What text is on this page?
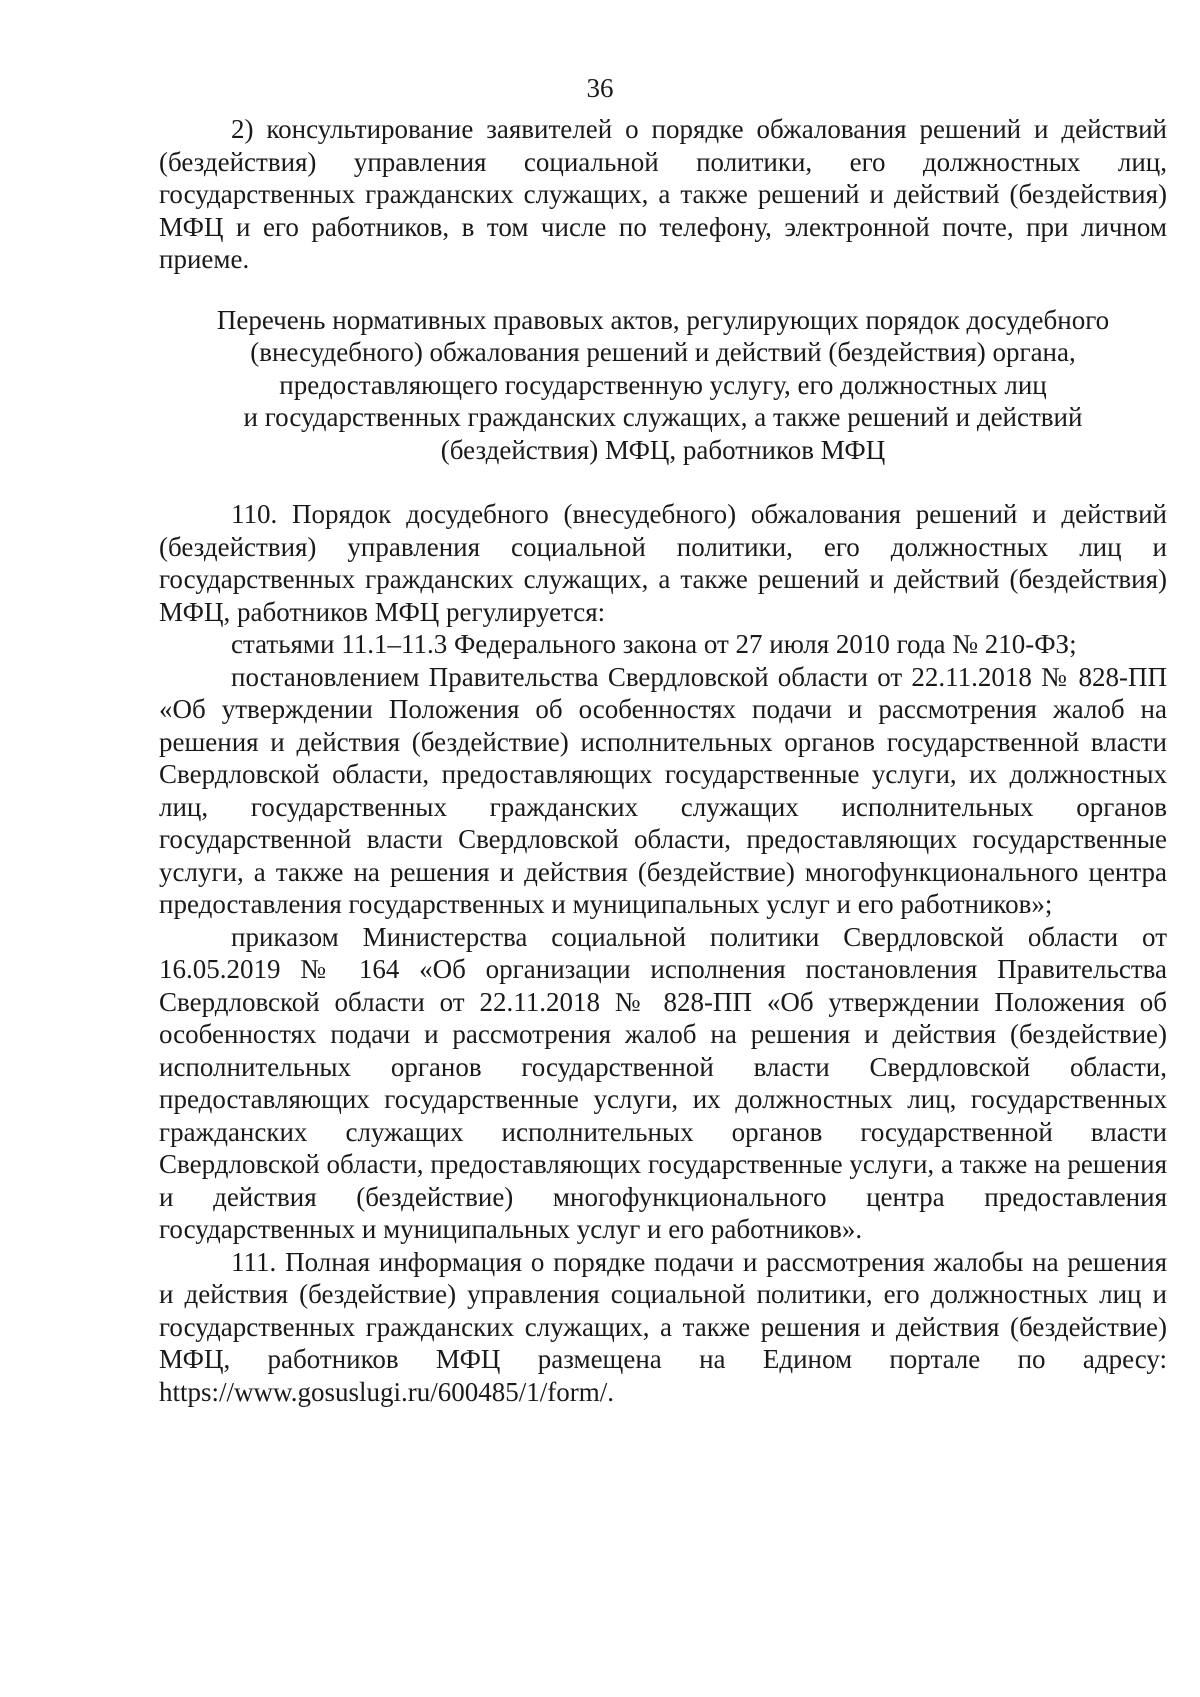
36

2) консультирование заявителей о порядке обжалования решений и действий (бездействия) управления социальной политики, его должностных лиц, государственных гражданских служащих, а также решений и действий (бездействия) МФЦ и его работников, в том числе по телефону, электронной почте, при личном приеме.

Перечень нормативных правовых актов, регулирующих порядок досудебного
(внесудебного) обжалования решений и действий (бездействия) органа,
предоставляющего государственную услугу, его должностных лиц
и государственных гражданских служащих, а также решений и действий
(бездействия) МФЦ, работников МФЦ

110. Порядок досудебного (внесудебного) обжалования решений и действий (бездействия) управления социальной политики, его должностных лиц и государственных гражданских служащих, а также решений и действий (бездействия) МФЦ, работников МФЦ регулируется:

статьями 11.1–11.3 Федерального закона от 27 июля 2010 года № 210-ФЗ;

постановлением Правительства Свердловской области от 22.11.2018 № 828-ПП «Об утверждении Положения об особенностях подачи и рассмотрения жалоб на решения и действия (бездействие) исполнительных органов государственной власти Свердловской области, предоставляющих государственные услуги, их должностных лиц, государственных гражданских служащих исполнительных органов государственной власти Свердловской области, предоставляющих государственные услуги, а также на решения и действия (бездействие) многофункционального центра предоставления государственных и муниципальных услуг и его работников»;

приказом Министерства социальной политики Свердловской области от 16.05.2019 № 164 «Об организации исполнения постановления Правительства Свердловской области от 22.11.2018 № 828-ПП «Об утверждении Положения об особенностях подачи и рассмотрения жалоб на решения и действия (бездействие) исполнительных органов государственной власти Свердловской области, предоставляющих государственные услуги, их должностных лиц, государственных гражданских служащих исполнительных органов государственной власти Свердловской области, предоставляющих государственные услуги, а также на решения и действия (бездействие) многофункционального центра предоставления государственных и муниципальных услуг и его работников».

111. Полная информация о порядке подачи и рассмотрения жалобы на решения и действия (бездействие) управления социальной политики, его должностных лиц и государственных гражданских служащих, а также решения и действия (бездействие) МФЦ, работников МФЦ размещена на Едином портале по адресу: https://www.gosuslugi.ru/600485/1/form/.
